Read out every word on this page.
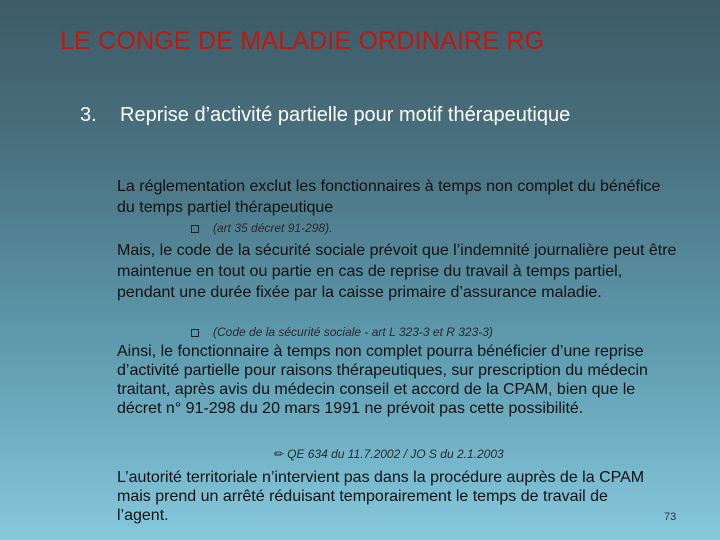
LE CONGE DE MALADIE ORDINAIRE RG
3. Reprise d’activité partielle pour motif thérapeutique
La réglementation exclut les fonctionnaires à temps non complet du bénéfice du temps partiel thérapeutique
(art 35 décret 91-298).
Mais, le code de la sécurité sociale prévoit que l’indemnité journalière peut être maintenue en tout ou partie en cas de reprise du travail à temps partiel, pendant une durée fixée par la caisse primaire d’assurance maladie.
(Code de la sécurité sociale - art L 323-3 et R 323-3)
Ainsi, le fonctionnaire à temps non complet pourra bénéficier d’une reprise d’activité partielle pour raisons thérapeutiques, sur prescription du médecin traitant, après avis du médecin conseil et accord de la CPAM, bien que le décret n° 91-298 du 20 mars 1991 ne prévoit pas cette possibilité.
✏ QE 634 du 11.7.2002 / JO S du 2.1.2003
L’autorité territoriale n’intervient pas dans la procédure auprès de la CPAM mais prend un arrêté réduisant temporairement le temps de travail de l’agent.	73
